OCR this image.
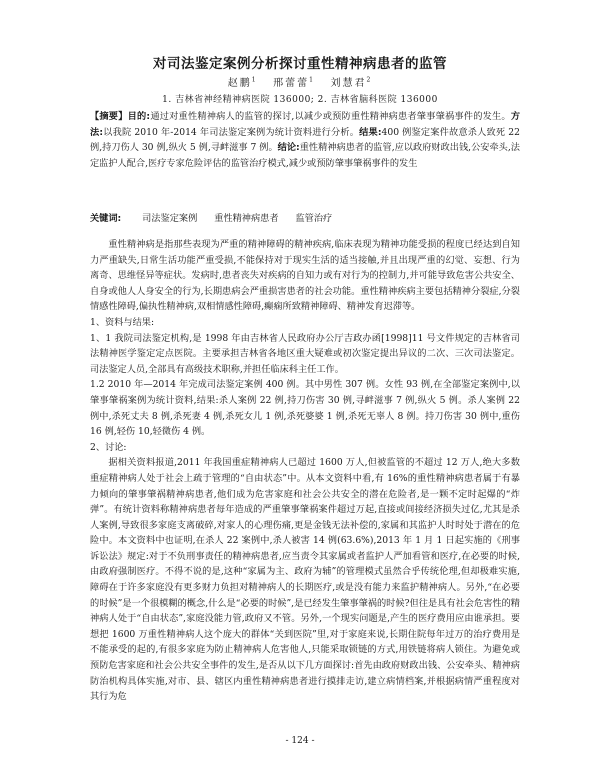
对司法鉴定案例分析探讨重性精神病患者的监管
赵鹏$^1$ 邢蕾蕾$^1$ 刘慧君$^2$
1. 吉林省神经精神病医院 136000; 2. 吉林省脑科医院 136000
【摘要】目的:通过对重性精神病人的监管的探讨,以减少或预防重性精神病患者肇事肇祸事件的发生。方法:以我院 2010 年-2014 年司法鉴定案例为统计资料进行分析。结果:400 例鉴定案件故意杀人致死 22 例,持刀伤人 30 例,纵火 5 例,寻衅滋事 7 例。结论:重性精神病患者的监管,应以政府财政出钱,公安牵头,法定监护人配合,医疗专家危险评估的监管治疗模式,减少或预防肇事肇祸事件的发生
关键词: 司法鉴定案例 重性精神病患者 监管治疗

重性精神病是指那些表现为严重的精神障碍的精神疾病,临床表现为精神功能受损的程度已经达到自知力严重缺失,日常生活功能严重受损,不能保持对于现实生活的适当接触,并且出现严重的幻觉、妄想、行为离奇、思维怪异等症状。发病时,患者丧失对疾病的自知力或有对行为的控制力,并可能导致危害公共安全、自身或他人人身安全的行为,长期患病会严重损害患者的社会功能。重性精神疾病主要包括精神分裂症,分裂情感性障碍,偏执性精神病,双相情感性障碍,癫痫所致精神障碍、精神发育迟滞等。

1、资料与结果:

1、1 我院司法鉴定机构,是 1998 年由吉林省人民政府办公厅吉政办函[1998]11 号文件规定的吉林省司法精神医学鉴定定点医院。主要承担吉林省各地区重大疑难或初次鉴定提出异议的二次、三次司法鉴定。司法鉴定人员,全部具有高级技术职称,并担任临床科主任工作。

1.2 2010 年—2014 年完成司法鉴定案例 400 例。其中男性 307 例。女性 93 例,在全部鉴定案例中,以肇事肇祸案例为统计资料,结果:杀人案例 22 例,持刀伤害 30 例,寻衅滋事 7 例,纵火 5 例。杀人案例 22 例中,杀死丈夫 8 例,杀死妻 4 例,杀死女儿 1 例,杀死婆婆 1 例,杀死无辜人 8 例。持刀伤害 30 例中,重伤 16 例,轻伤 10,轻微伤 4 例。

2、讨论:

据相关资料报道,2011 年我国重症精神病人已超过 1600 万人,但被监管的不超过 12 万人,绝大多数重症精神病人处于社会上疏于管理的“自由状态”中。从本文资料中看,有 16%的重性精神病患者属于有暴力倾向的肇事肇祸精神病患者,他们成为危害家庭和社会公共安全的潜在危险者,是一颗不定时起爆的“炸弹”。有统计资料称精神病患者每年造成的严重肇事肇祸案件超过万起,直接或间接经济损失过亿,尤其是杀人案例,导致很多家庭支离破碎,对家人的心理伤痛,更是金钱无法补偿的,家属和其监护人时时处于潜在的危险中。本文资料中也证明,在杀人 22 案例中,杀人被害 14 例(63.6%),2013 年 1 月 1 日起实施的《刑事诉讼法》规定:对于不负刑事责任的精神病患者,应当责令其家属或者监护人严加看管和医疗,在必要的时候,由政府强制医疗。不得不说的是,这种“家属为主、政府为辅”的管理模式虽然合乎传统伦理,但却极难实施,障碍在于许多家庭没有更多财力负担对精神病人的长期医疗,或是没有能力来监护精神病人。另外,“在必要的时候”是一个很模糊的概念,什么是“必要的时候”,是已经发生肇事肇祸的时候?但往是具有社会危害性的精神病人处于“自由状态”,家庭没能力管,政府又不管。另外,一个现实问题是,产生的医疗费用应由谁承担。要想把 1600 万重性精神病人这个庞大的群体“关到医院”里,对于家庭来说,长期住院每年过万的治疗费用是不能承受的起的,有很多家庭为防止精神病人危害他人,只能采取锁链的方式,用铁链将病人锁住。为避免或预防危害家庭和社会公共安全事件的发生,是否从以下几方面探讨:首先由政府财政出钱、公安牵头、精神病防治机构具体实施,对市、县、辖区内重性精神病患者进行摸排走访,建立病情档案,并根据病情严重程度对其行为危

- 124 -
